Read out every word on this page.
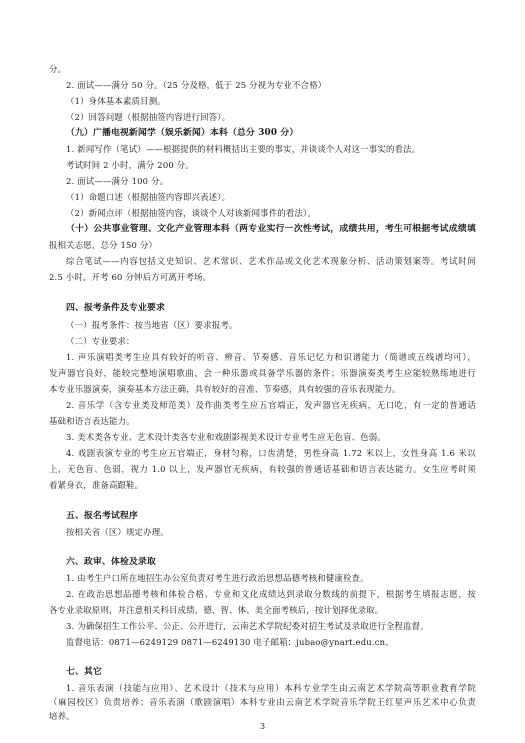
分。
2. 面试——满分 50 分。（25 分及格，低于 25 分视为专业不合格）
（1）身体基本素质目测。
（2）回答问题（根据抽签内容进行回答）。
（九）广播电视新闻学（娱乐新闻）本科（总分 300 分）
1. 新闻写作（笔试）——根据提供的材料概括出主要的事实，并谈谈个人对这一事实的看法。
考试时间 2 小时，满分 200 分。
2. 面试——满分 100 分。
（1）命题口述（根据抽签内容即兴表述）。
（2）新闻点评（根据抽签内容，谈谈个人对该新闻事件的看法）。
（十）公共事业管理、文化产业管理本科（两专业实行一次性考试，成绩共用，考生可根据考试成绩填
报相关志愿，总分 150 分）
综合笔试——内容包括文史知识、艺术常识、艺术作品或文化艺术现象分析、活动策划案等。考试时间
2.5 小时，开考 60 分钟后方可离开考场。
四、报考条件及专业要求
（一）报考条件：按当地省（区）要求报考。
（二）专业要求：
1. 声乐演唱类考生应具有较好的听音、辨音、节奏感、音乐记忆力和识谱能力（简谱或五线谱均可），
发声器官良好，能较完整地演唱歌曲，会一种乐器或具备学乐器的条件；乐器演奏类考生应能较熟练地进行
本专业乐器演奏，演奏基本方法正确，具有较好的音准、节奏感，具有较强的音乐表现能力。
2. 音乐学（含专业类及师范类）及作曲类考生应五官端正，发声器官无疾病，无口吃，有一定的普通话
基础和语言表达能力。
3. 美术类各专业、艺术设计类各专业和戏剧影视美术设计专业考生应无色盲、色弱。
4. 戏剧表演专业的考生应五官端正，身材匀称，口齿清楚，男性身高 1.72 米以上，女性身高 1.6 米以
上，无色盲、色弱，视力 1.0 以上，发声器官无疾病，有较强的普通话基础和语言表达能力。女生应考时须
着紧身衣，准备高跟鞋。
五、报名考试程序
按相关省（区）规定办理。
六、政审、体检及录取
1. 由考生户口所在地招生办公室负责对考生进行政治思想品德考核和健康检查。
2. 在政治思想品德考核和体检合格、专业和文化成绩达到录取分数线的前提下，根据考生填报志愿，按
各专业录取原则，并注意相关科目成绩，德、智、体、美全面考核后，按计划择优录取。
3. 为确保招生工作公平、公正、公开进行，云南艺术学院纪委对招生考试及录取进行全程监督。
监督电话：0871—6249129 0871—6249130 电子邮箱：jubao@ynart.edu.cn。
七、其它
1. 音乐表演（技能与应用）、艺术设计（技术与应用）本科专业学生由云南艺术学院高等职业教育学院
（麻园校区）负责培养；音乐表演（歌剧演唱）本科专业由云南艺术学院音乐学院王红星声乐艺术中心负责
培养。
3
